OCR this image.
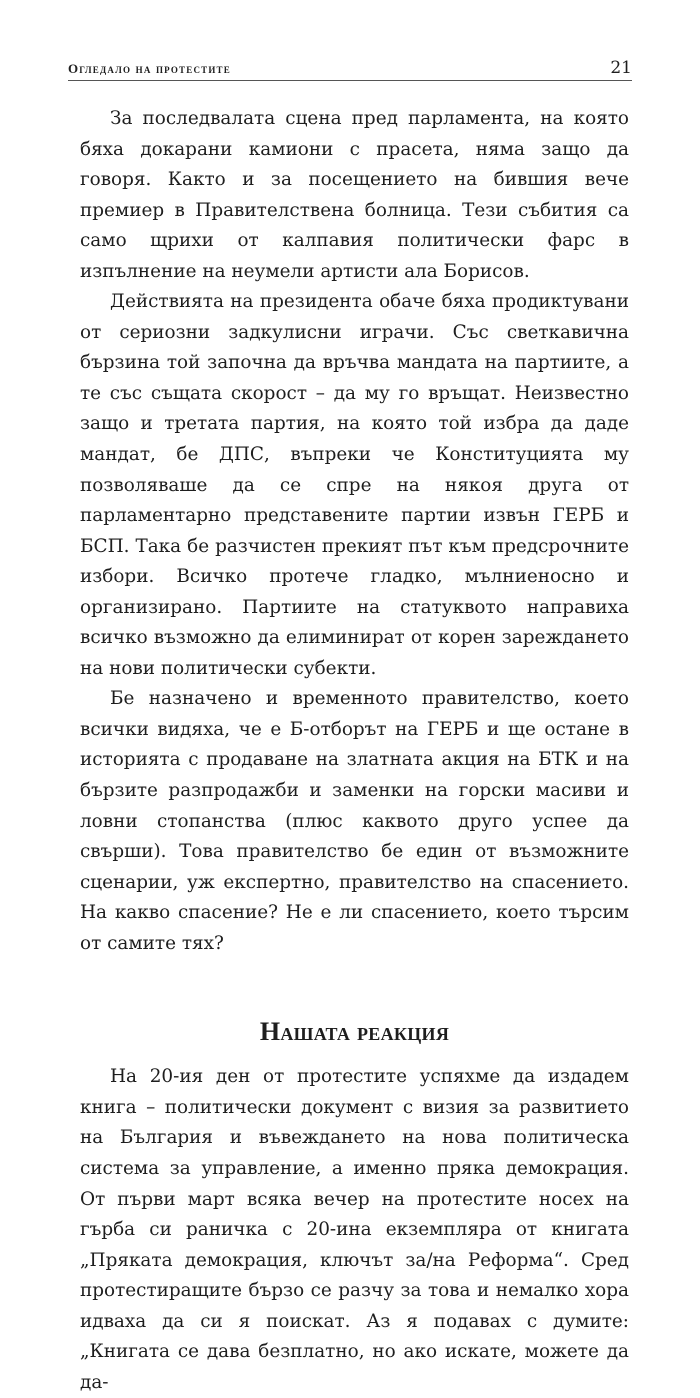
Огледало на протестите	21

За последвалата сцена пред парламента, на която бяха докарани камиони с прасета, няма защо да говоря. Както и за посещението на бившия вече премиер в Правителствена болница. Тези събития са само щрихи от калпавия политически фарс в изпълнение на неумели артисти ала Борисов.

Действията на президента обаче бяха продиктувани от сериозни задкулисни играчи. Със светкавична бързина той започна да връчва мандата на партиите, а те със същата скорост – да му го връщат. Неизвестно защо и третата партия, на която той избра да даде мандат, бе ДПС, въпреки че Конституцията му позволяваше да се спре на някоя друга от парламентарно представените партии извън ГЕРБ и БСП. Така бе разчистен прекият път към предсрочните избори. Всичко протече гладко, мълниеносно и организирано. Партиите на статуквото направиха всичко възможно да елиминират от корен зареждането на нови политически субекти.

Бе назначено и временното правителство, което всички видяха, че е Б-отборът на ГЕРБ и ще остане в историята с продаване на златната акция на БТК и на бързите разпродажби и заменки на горски масиви и ловни стопанства (плюс каквото друго успее да свърши). Това правителство бе един от възможните сценарии, уж експертно, правителство на спасението. На какво спасение? Не е ли спасението, което търсим от самите тях?

Нашата реакция

На 20-ия ден от протестите успяхме да издадем книга – политически документ с визия за развитието на България и въвеждането на нова политическа система за управление, а именно пряка демокрация. От първи март всяка вечер на протестите носех на гърба си раничка с 20-ина екземпляра от книгата „Пряката демокрация, ключът за/на Реформа“. Сред протестиращите бързо се разчу за това и немалко хора идваха да си я поискат. Аз я подавах с думите: „Книгата се дава безплатно, но ако искате, можете да да-
